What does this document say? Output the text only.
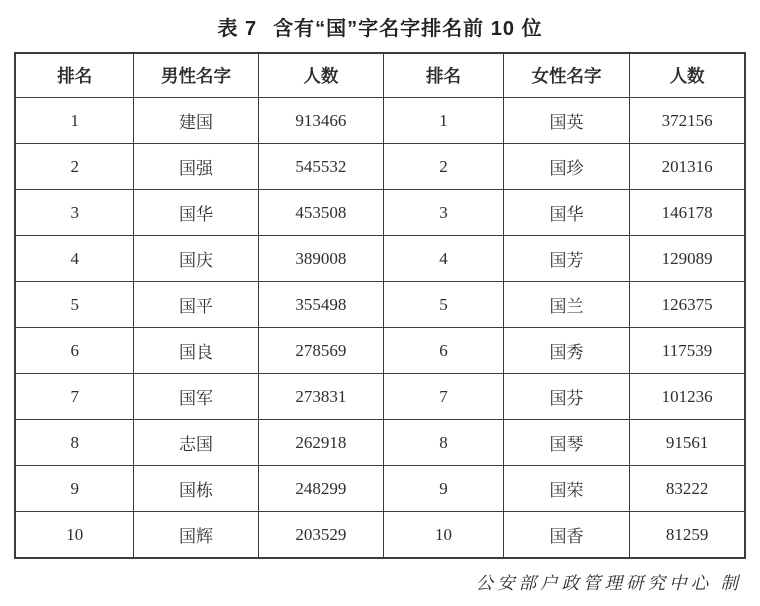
表 7 含有“国”字名字排名前 10 位
排名	男性名字	人数	排名	女性名字	人数
1	建国	913466	1	国英	372156
2	国强	545532	2	国珍	201316
3	国华	453508	3	国华	146178
4	国庆	389008	4	国芳	129089
5	国平	355498	5	国兰	126375
6	国良	278569	6	国秀	117539
7	国军	273831	7	国芬	101236
8	志国	262918	8	国琴	91561
9	国栋	248299	9	国荣	83222
10	国辉	203529	10	国香	81259
公安部户政管理研究中心 制
